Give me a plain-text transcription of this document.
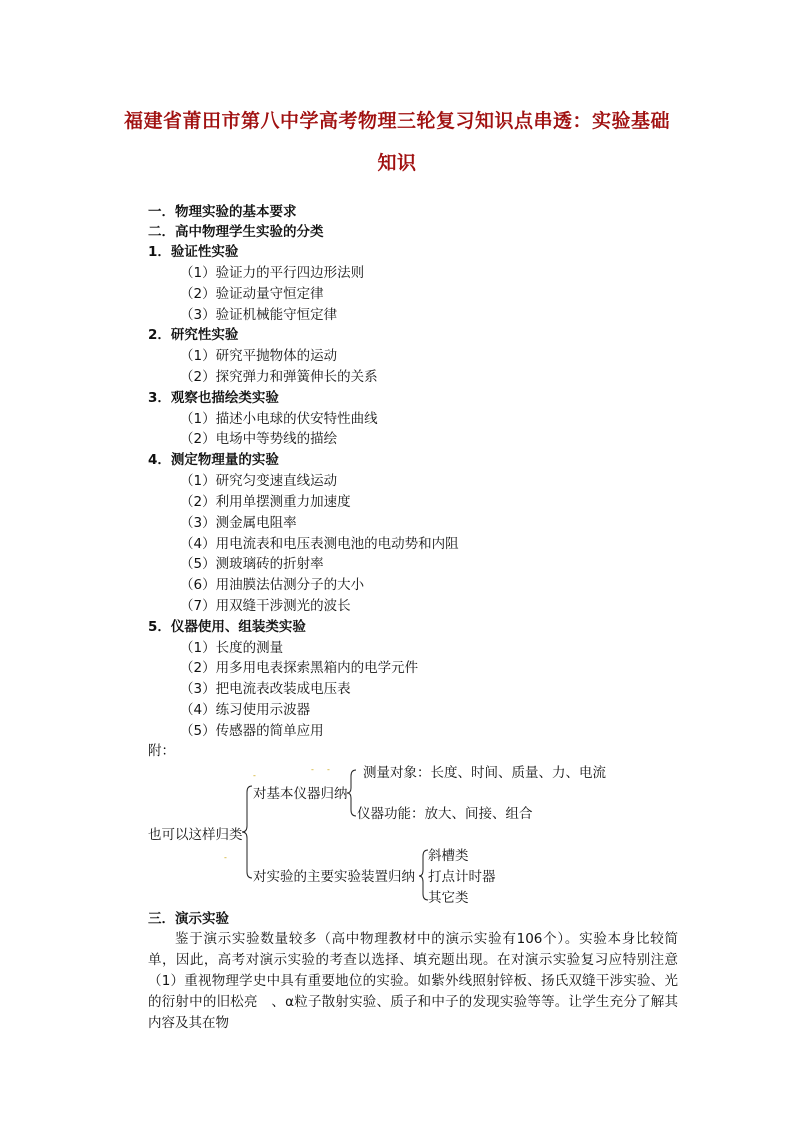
福建省莆田市第八中学高考物理三轮复习知识点串透：实验基础
知识
一．物理实验的基本要求
二．高中物理学生实验的分类
1．验证性实验
（1）验证力的平行四边形法则
（2）验证动量守恒定律
（3）验证机械能守恒定律
2．研究性实验
（1）研究平抛物体的运动
（2）探究弹力和弹簧伸长的关系
3．观察也描绘类实验
（1）描述小电球的伏安特性曲线
（2）电场中等势线的描绘
4．测定物理量的实验
（1）研究匀变速直线运动
（2）利用单摆测重力加速度
（3）测金属电阻率
（4）用电流表和电压表测电池的电动势和内阻
（5）测玻璃砖的折射率
（6）用油膜法估测分子的大小
（7）用双缝干涉测光的波长
5．仪器使用、组装类实验
（1）长度的测量
（2）用多用电表探索黑箱内的电学元件
（3）把电流表改装成电压表
（4）练习使用示波器
（5）传感器的简单应用
附：
-
- -
-
也可以这样归类
对基本仪器归纳
测量对象：长度、时间、质量、力、电流
仪器功能：放大、间接、组合
对实验的主要实验装置归纳
斜槽类
打点计时器
其它类
三．演示实验
鉴于演示实验数量较多（高中物理教材中的演示实验有106个）。实验本身比较简单，因此，高考对演示实验的考查以选择、填充题出现。在对演示实验复习应特别注意（1）重视物理学史中具有重要地位的实验。如紫外线照射锌板、扬氏双缝干涉实验、光的衍射中的旧松亮　、α粒子散射实验、质子和中子的发现实验等等。让学生充分了解其内容及其在物
